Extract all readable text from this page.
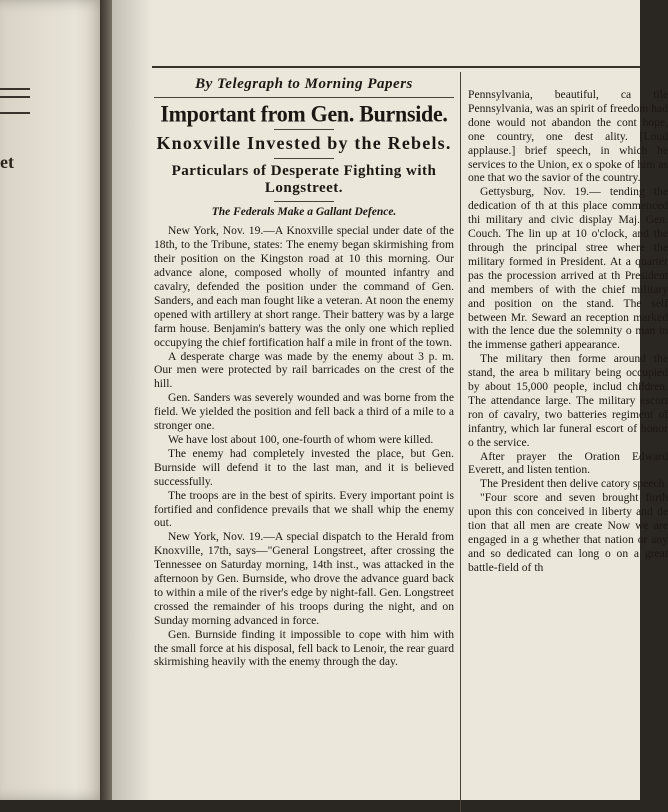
et
By Telegraph to Morning Papers
Important from Gen. Burnside.
Knoxville Invested by the Rebels.
Particulars of Desperate Fighting with Longstreet.
The Federals Make a Gallant Defence.

New York, Nov. 19.—A Knoxville special under date of the 18th, to the Tribune, states: The enemy began skirmishing from their position on the Kingston road at 10 this morning. Our advance alone, composed wholly of mounted infantry and cavalry, defended the position under the command of Gen. Sanders, and each man fought like a veteran. At noon the enemy opened with artillery at short range. Their battery was by a large farm house. Benjamin's battery was the only one which replied occupying the chief fortification half a mile in front of the town.

A desperate charge was made by the enemy about 3 p. m. Our men were protected by rail barricades on the crest of the hill.

Gen. Sanders was severely wounded and was borne from the field. We yielded the position and fell back a third of a mile to a stronger one.

We have lost about 100, one-fourth of whom were killed.

The enemy had completely invested the place, but Gen. Burnside will defend it to the last man, and it is believed successfully.

The troops are in the best of spirits. Every important point is fortified and confidence prevails that we shall whip the enemy out.

New York, Nov. 19.—A special dispatch to the Herald from Knoxville, 17th, says—"General Longstreet, after crossing the Tennessee on Saturday morning, 14th inst., was attacked in the afternoon by Gen. Burnside, who drove the advance guard back to within a mile of the river's edge by night-fall. Gen. Longstreet crossed the remainder of his troops during the night, and on Sunday morning advanced in force.

Gen. Burnside finding it impossible to cope with him with the small force at his disposal, fell back to Lenoir, the rear guard skirmishing heavily with the enemy through the day.

Pennsylvania, beautiful, ca tile Pennsylvania, was an spirit of freedom had done would not abandon the cont hope, one country, one dest ality. [Loud applause.] brief speech, in which he services to the Union, ex o spoke of him as one that wo the savior of the country.

Gettysburg, Nov. 19.— tending the dedication of th at this place commenced thi military and civic display Maj. Gen. Couch. The lin up at 10 o'clock, and the through the principal stree where the military formed in President. At a quarter pas the procession arrived at th President and members of with the chief military and position on the stand. The self between Mr. Seward an reception marked with the lence due the solemnity o man in the immense gatheri appearance.

The military then forme around the stand, the area b military being occupied by about 15,000 people, includ children. The attendance large. The military escort ron of cavalry, two batteries regiment of infantry, which lar funeral escort of honor o the service.

After prayer the Oration Edward Everett, and listen tention.

The President then delive catory speech.

"Four score and seven brought forth upon this con conceived in liberty and de tion that all men are create Now we are engaged in a g whether that nation or any and so dedicated can long o on a great battle-field of th
